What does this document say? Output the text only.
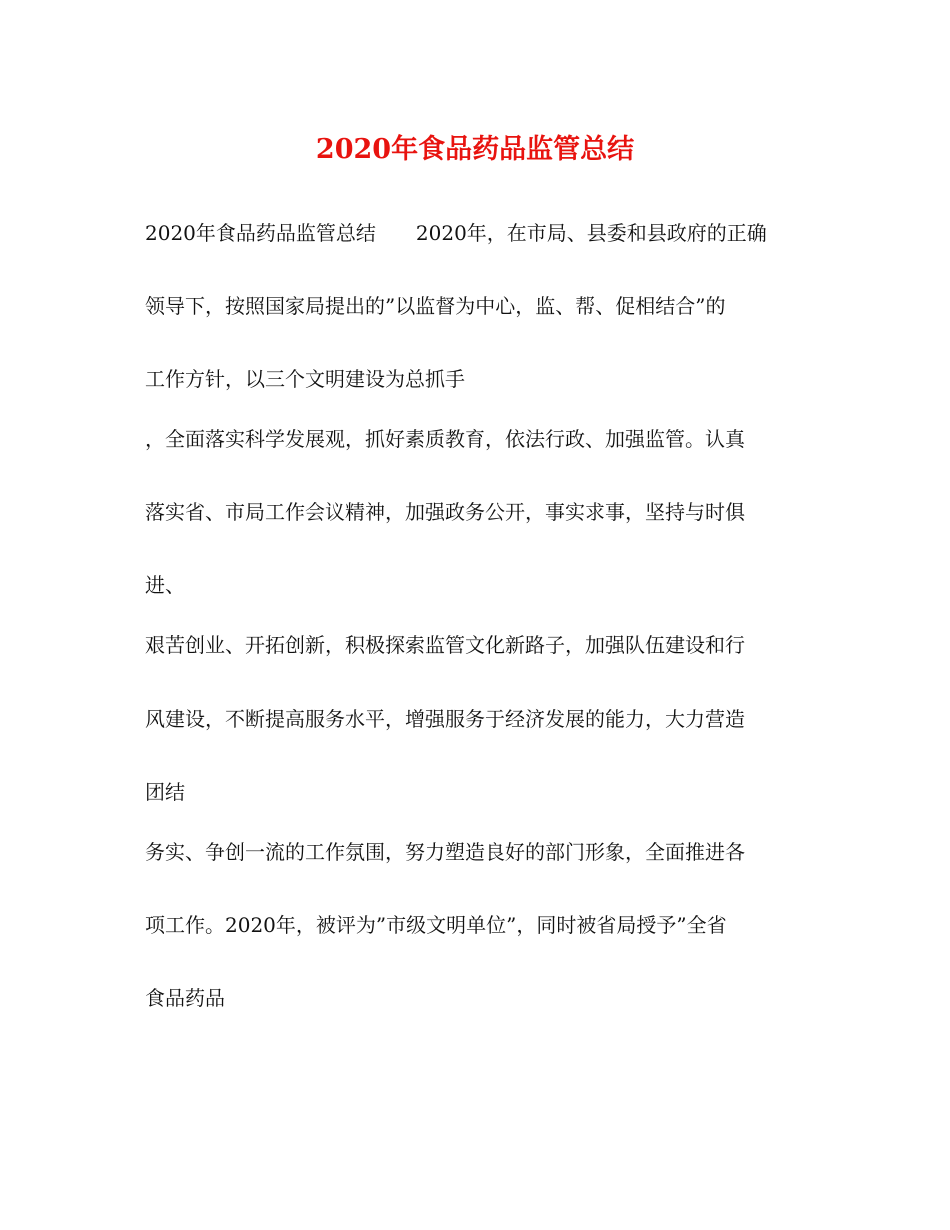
2020年食品药品监管总结

2020年食品药品监管总结　　2020年，在市局、县委和县政府的正确

领导下，按照国家局提出的”以监督为中心，监、帮、促相结合”的

工作方针，以三个文明建设为总抓手

，全面落实科学发展观，抓好素质教育，依法行政、加强监管。认真

落实省、市局工作会议精神，加强政务公开，事实求事，坚持与时俱

进、

艰苦创业、开拓创新，积极探索监管文化新路子，加强队伍建设和行

风建设，不断提高服务水平，增强服务于经济发展的能力，大力营造

团结

务实、争创一流的工作氛围，努力塑造良好的部门形象，全面推进各

项工作。2020年，被评为”市级文明单位”，同时被省局授予”全省

食品药品
